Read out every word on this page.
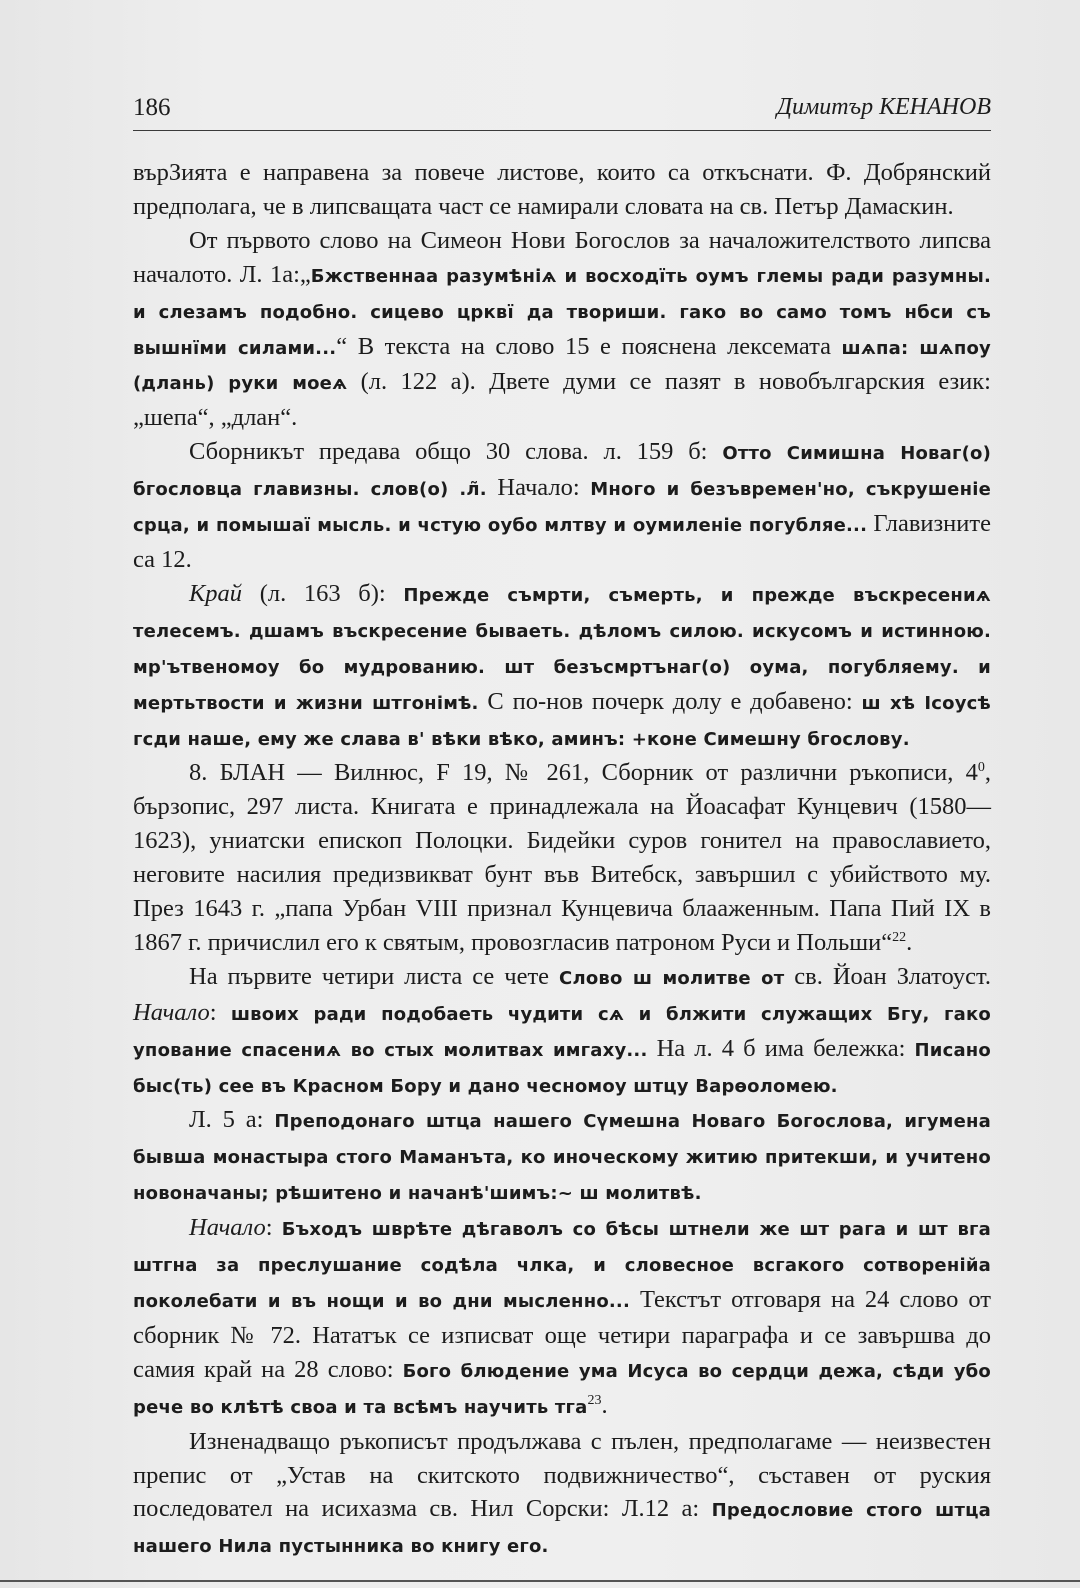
186	Димитър КЕНАНОВ

върЗията е направена за повече листове, които са откъснати. Ф. Добрянский предполага, че в липсващата част се намирали словата на св. Петър Дамаскин.

От първото слово на Симеон Нови Богослов за началожителството липсва началото. Л. 1а:„Бжственнаа разумѣніѧ и восходїть оумъ глемы ради разумны. и слезамъ подобно. сицево црквї да твориши. гако во само томъ нбси съ вышнїми силами...“ В текста на слово 15 е пояснена лексемата шѧпа: шѧпоу (длань) руки моеѧ (л. 122 а). Двете думи се пазят в новобългарския език: „шепа“, „длан“.

Сборникът предава общо 30 слова. л. 159 б: Отто Симишна Новаг(о) бгословца главизны. слов(о) .л̃. Начало: Много и безъвремен'но, съкрушеніе срца, и помышаї мысль. и чстую оубо млтву и оумиленіе погубляе... Главизните са 12.

Край (л. 163 б): Прежде съмрти, съмерть, и прежде въскресениѧ телесемъ. дшамъ въскресение бываеть. дѣломъ силою. искусомъ и истинною. мр'ътвеномоу бо мудрованию. шт безъсмртънаг(о) оума, погубляему. и мертьтвости и жизни штгонімѣ. С по-нов почерк долу е добавено: ш хѣ Ісоусѣ гсди наше, ему же слава в' вѣки вѣко, аминъ: +коне Симешну бгослову.

8. БЛАН — Вилнюс, F 19, № 261, Сборник от различни ръкописи, $4^0$, бързопис, 297 листа. Книгата е принадлежала на Йоасафат Кунцевич (1580—1623), униатски епископ Полоцки. Бидейки суров гонител на православието, неговите насилия предизвикват бунт във Витебск, завършил с убийството му. През 1643 г. „папа Урбан VIII признал Кунцевича блааженным. Папа Пий IX в 1867 г. причислил его к святым, провозгласив патроном Руси и Польши“$^{22}$.

На първите четири листа се чете Слово ш молитве от св. Йоан Златоуст. Начало: швоих ради подобаеть чудити сѧ и блжити служащих Бгу, гако упование спасениѧ во стых молитвах имгаху... На л. 4 б има бележка: Писано быс(ть) сее въ Красном Бору и дано чесномоу штцу Варѳоломею.

Л. 5 а: Преподонаго штца нашего Сүмешна Новаго Богослова, игумена бывша монастыра стого Маманъта, ко иноческому житию притекши, и учитено новоначаны; рѣшитено и начанѣ'шимъ:~ ш молитвѣ.

Начало: Бъходъ шврѣте дѣгаволъ со бѣсы штнели же шт рага и шт вга штгна за преслушание содѣла члка, и словесное всгакого сотворенійа поколебати и въ нощи и во дни мысленно... Текстът отговаря на 24 слово от сборник № 72. Нататък се изписват още четири параграфа и се завършва до самия край на 28 слово: Бого блюдение ума Исуса во сердци дежа, сѣди убо рече во клѣтѣ своа и та всѣмъ научить тга$^{23}$.

Изненадващо ръкописът продължава с пълен, предполагаме — неизвестен препис от „Устав на скитското подвижничество“, съставен от руския последовател на исихазма св. Нил Сорски: Л.12 а: Предословие стого штца нашего Нила пустынника во книгу его.
